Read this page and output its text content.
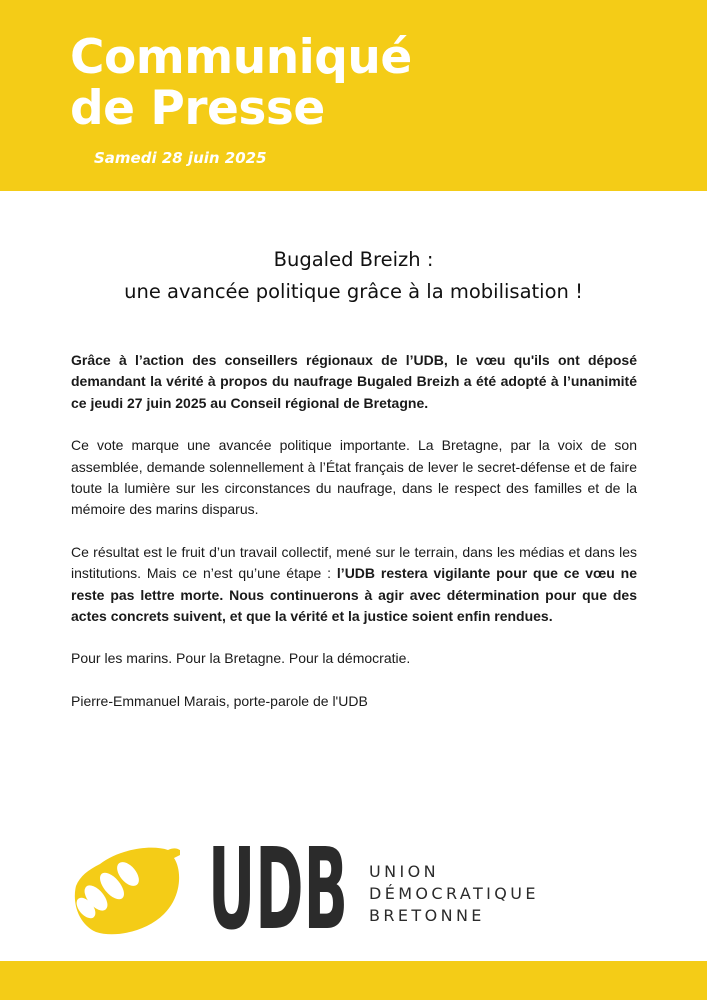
Communiqué
de Presse
Samedi 28 juin 2025
Bugaled Breizh :
une avancée politique grâce à la mobilisation !

Grâce à l’action des conseillers régionaux de l’UDB, le vœu qu'ils ont déposé demandant la vérité à propos du naufrage Bugaled Breizh a été adopté à l’unanimité ce jeudi 27 juin 2025 au Conseil régional de Bretagne.

Ce vote marque une avancée politique importante. La Bretagne, par la voix de son assemblée, demande solennellement à l’État français de lever le secret-défense et de faire toute la lumière sur les circonstances du naufrage, dans le respect des familles et de la mémoire des marins disparus.

Ce résultat est le fruit d’un travail collectif, mené sur le terrain, dans les médias et dans les institutions. Mais ce n’est qu’une étape : l’UDB restera vigilante pour que ce vœu ne reste pas lettre morte. Nous continuerons à agir avec détermination pour que des actes concrets suivent, et que la vérité et la justice soient enfin rendues.

Pour les marins. Pour la Bretagne. Pour la démocratie.

Pierre-Emmanuel Marais, porte-parole de l'UDB

UDB UNION
DÉMOCRATIQUE
BRETONNE
